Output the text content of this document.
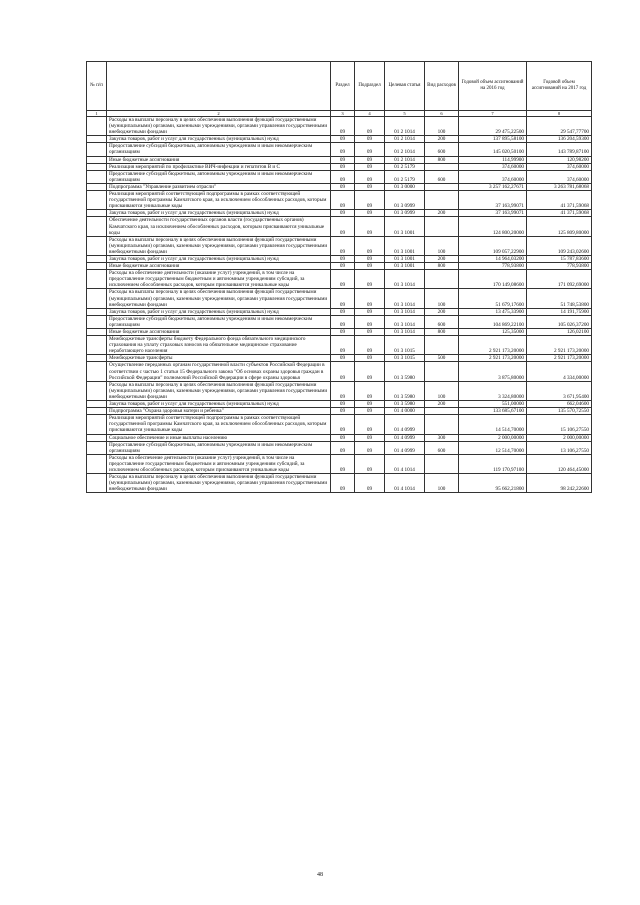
№ п/п		Раздел	Подраздел	Целевая статья	Вид расходов	Годовой объем ассигнований на 2016 год	Годовой объем ассигнований на 2017 год
1	2	3	4	5	6	7	8
	Расходы на выплаты персоналу в целях обеспечения выполнения функций государственными (муниципальными) органами, казенными учреждениями, органами управления государственными внебюджетными фондами	09	09	01 2 1014	100	29 475,22500	29 547,77700
	Закупка товаров, работ и услуг для государственных (муниципальных) нужд	09	09	01 2 1014	200	137 895,58100	136 204,59300
	Предоставление субсидий бюджетным, автономным учреждениям и иным некоммерческим организациям	09	09	01 2 1014	600	145 020,50100	143 789,87100
	Иные бюджетные ассигнования	09	09	01 2 1014	800	114,99900	120,98200
	Реализация мероприятий по профилактике ВИЧ-инфекции и гепатитов В и С	09	09	01 2 5179		374,60000	374,60000
	Предоставление субсидий бюджетным, автономным учреждениям и иным некоммерческим организациям	09	09	01 2 5179	600	374,60000	374,60000
	Подпрограмма "Управление развитием отрасли"	09	09	01 3 0000		3 257 162,27671	3 263 781,68068
	Реализация мероприятий соответствующей подпрограммы в рамках соответствующей государственной программы Камчатского края, за исключением обособленных расходов, которым присваиваются уникальные коды	09	09	01 3 0999		37 163,99071	41 371,59068
	Закупка товаров, работ и услуг для государственных (муниципальных) нужд	09	09	01 3 0999	200	37 163,99071	41 371,59068
	Обеспечение деятельности государственных органов власти (государственных органов) Камчатского края, за исключением обособленных расходов, которым присваиваются уникальные коды	09	09	01 3 1001		124 800,20000	125 809,80000
	Расходы на выплаты персоналу в целях обеспечения выполнения функций государственными (муниципальными) органами, казенными учреждениями, органами управления государственными внебюджетными фондами	09	09	01 3 1001	100	109 057,22900	109 243,02600
	Закупка товаров, работ и услуг для государственных (муниципальных) нужд	09	09	01 3 1001	200	14 964,03200	15 787,83600
	Иные бюджетные ассигнования	09	09	01 3 1001	800	778,93800	778,93800
	Расходы на обеспечение деятельности (оказание услуг) учреждений, в том числе на предоставление государственным бюджетным и автономным учреждениям субсидий, за исключением обособленных расходов, которым присваиваются уникальные коды	09	09	01 3 1014		170 149,08600	171 092,69000
	Расходы на выплаты персоналу в целях обеспечения выполнения функций государственными (муниципальными) органами, казенными учреждениями, органами управления государственными внебюджетными фондами	09	09	01 3 1014	100	51 679,17600	51 748,53800
	Закупка товаров, работ и услуг для государственных (муниципальных) нужд	09	09	01 3 1014	200	13 475,33900	14 191,75900
	Предоставление субсидий бюджетным, автономным учреждениям и иным некоммерческим организациям	09	09	01 3 1014	600	104 869,22100	105 026,37200
	Иные бюджетные ассигнования	09	09	01 3 1014	800	125,35000	126,02100
	Межбюджетные трансферты бюджету Федерального фонда обязательного медицинского страхования на уплату страховых взносов на обязательное медицинское страхование неработающего населения	09	09	01 3 1015		2 921 173,20000	2 921 173,20000
	Межбюджетные трансферты	09	09	01 3 1015	500	2 921 173,20000	2 921 173,20000
	Осуществление переданных органам государственной власти субъектов Российской Федерации в соответствии с частью 1 статьи 15 Федерального закона "Об основах охраны здоровья граждан в Российской Федерации" полномочий Российской Федерации в сфере охраны здоровья	09	09	01 3 5980		3 875,80000	4 334,00000
	Расходы на выплаты персоналу в целях обеспечения выполнения функций государственными (муниципальными) органами, казенными учреждениями, органами управления государственными внебюджетными фондами	09	09	01 3 5980	100	3 324,80000	3 671,95400
	Закупка товаров, работ и услуг для государственных (муниципальных) нужд	09	09	01 3 5980	200	551,00000	662,04600
	Подпрограмма "Охрана здоровья матери и ребенка"	09	09	01 4 0000		133 685,67100	135 570,72550
	Реализация мероприятий соответствующей подпрограммы в рамках соответствующей государственной программы Камчатского края, за исключением обособленных расходов, которым присваиваются уникальные коды	09	09	01 4 0999		14 514,70000	15 106,27550
	Социальное обеспечение и иные выплаты населению	09	09	01 4 0999	300	2 000,00000	2 000,00000
	Предоставление субсидий бюджетным, автономным учреждениям и иным некоммерческим организациям	09	09	01 4 0999	600	12 514,70000	13 106,27550
	Расходы на обеспечение деятельности (оказание услуг) учреждений, в том числе на предоставление государственным бюджетным и автономным учреждениям субсидий, за исключением обособленных расходов, которым присваиваются уникальные коды	09	09	01 4 1014		119 170,97100	120 464,45000
	Расходы на выплаты персоналу в целях обеспечения выполнения функций государственными (муниципальными) органами, казенными учреждениями, органами управления государственными внебюджетными фондами	09	09	01 4 1014	100	95 662,21800	98 242,22600
48
